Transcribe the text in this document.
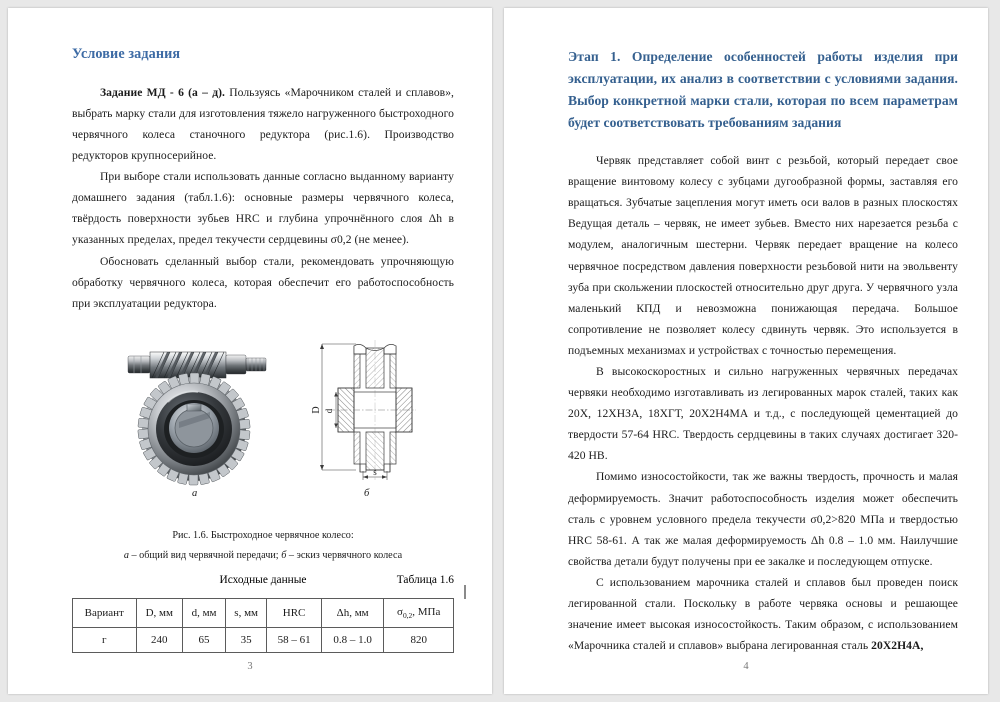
Условие задания

Задание МД - 6 (а – д). Пользуясь «Марочником сталей и сплавов», выбрать марку стали для изготовления тяжело нагруженного быстроходного червячного колеса станочного редуктора (рис.1.6). Производство редукторов крупносерийное.

При выборе стали использовать данные согласно выданному варианту домашнего задания (табл.1.6): основные размеры червячного колеса, твёрдость поверхности зубьев HRC и глубина упрочнённого слоя Δh в указанных пределах, предел текучести сердцевины σ0,2 (не менее).

Обосновать сделанный выбор стали, рекомендовать упрочняющую обработку червячного колеса, которая обеспечит его работоспособность при эксплуатации редуктора.

D d
s
а	б
Рис. 1.6. Быстроходное червячное колесо:
а – общий вид червячной передачи; б – эскиз червячного колеса
Исходные данные	Таблица 1.6
Вариант	D, мм	d, мм	s, мм	HRC	Δh, мм	$\sigma_{0,2}$, МПа
г	240	65	35	58 – 61	0.8 – 1.0	820
3
Этап 1. Определение особенностей работы изделия при эксплуатации, их анализ в соответствии с условиями задания. Выбор конкретной марки стали, которая по всем параметрам будет соответствовать требованиям задания

Червяк представляет собой винт с резьбой, который передает свое вращение винтовому колесу с зубцами дугообразной формы, заставляя его вращаться. Зубчатые зацепления могут иметь оси валов в разных плоскостях Ведущая деталь – червяк, не имеет зубьев. Вместо них нарезается резьба с модулем, аналогичным шестерни. Червяк передает вращение на колесо червячное посредством давления поверхности резьбовой нити на эвольвенту зуба при скольжении плоскостей относительно друг друга. У червячного узла маленький КПД и невозможна понижающая передача. Большое сопротивление не позволяет колесу сдвинуть червяк. Это используется в подъемных механизмах и устройствах с точностью перемещения.

В высокоскоростных и сильно нагруженных червячных передачах червяки необходимо изготавливать из легированных марок сталей, таких как 20Х, 12ХНЗА, 18ХГТ, 20Х2Н4МА и т.д., с последующей цементацией до твердости 57-64 HRC. Твердость сердцевины в таких случаях достигает 320-420 НВ.

Помимо износостойкости, так же важны твердость, прочность и малая деформируемость. Значит работоспособность изделия может обеспечить сталь с уровнем условного предела текучести σ0,2>820 МПа и твердостью HRC 58-61. А так же малая деформируемость Δh 0.8 – 1.0 мм. Наилучшие свойства детали будут получены при ее закалке и последующем отпуске.

С использованием марочника сталей и сплавов был проведен поиск легированной стали. Поскольку в работе червяка основы и решающее значение имеет высокая износостойкость. Таким образом, с использованием «Марочника сталей и сплавов» выбрана легированная сталь 20Х2Н4А,

4
